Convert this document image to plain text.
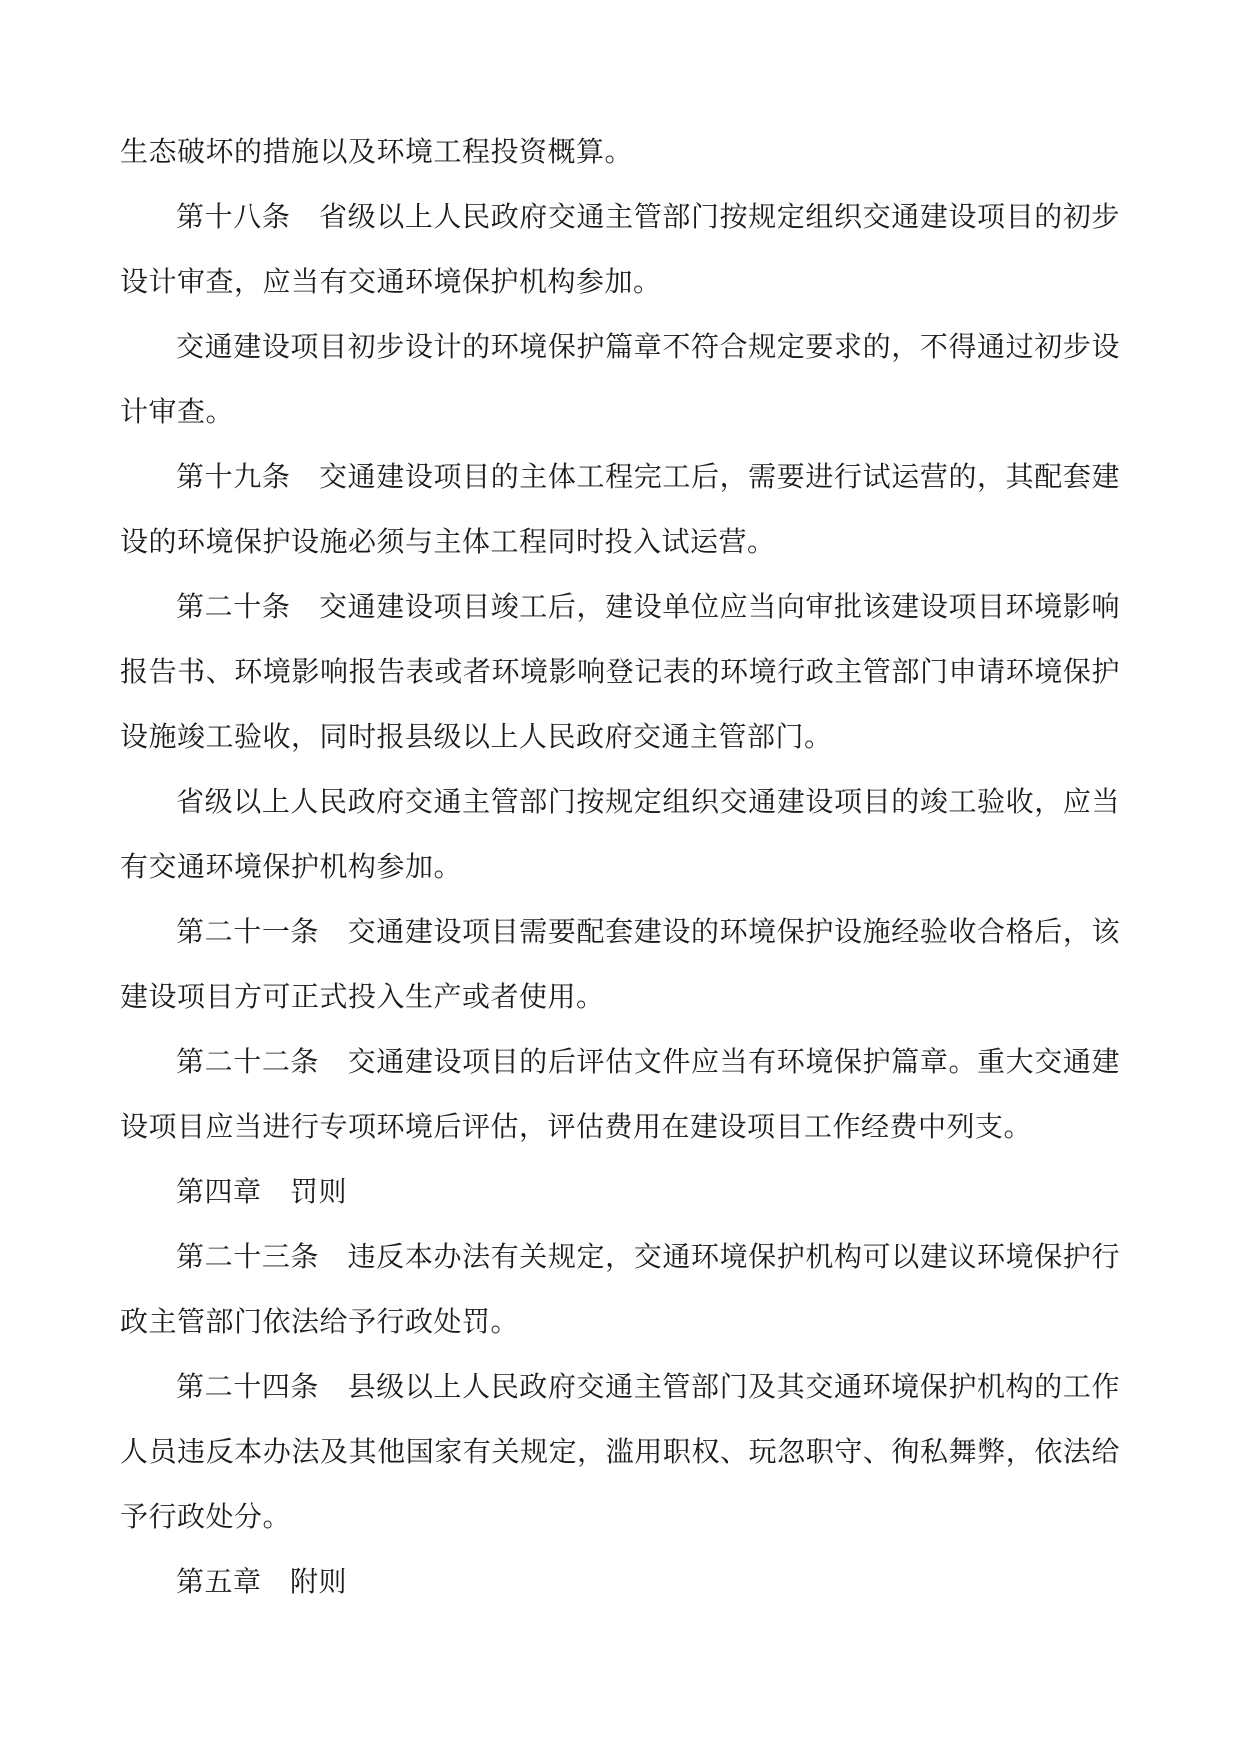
生态破坏的措施以及环境工程投资概算。

第十八条　省级以上人民政府交通主管部门按规定组织交通建设项目的初步设计审查，应当有交通环境保护机构参加。

交通建设项目初步设计的环境保护篇章不符合规定要求的，不得通过初步设计审查。

第十九条　交通建设项目的主体工程完工后，需要进行试运营的，其配套建设的环境保护设施必须与主体工程同时投入试运营。

第二十条　交通建设项目竣工后，建设单位应当向审批该建设项目环境影响报告书、环境影响报告表或者环境影响登记表的环境行政主管部门申请环境保护设施竣工验收，同时报县级以上人民政府交通主管部门。

省级以上人民政府交通主管部门按规定组织交通建设项目的竣工验收，应当有交通环境保护机构参加。

第二十一条　交通建设项目需要配套建设的环境保护设施经验收合格后，该建设项目方可正式投入生产或者使用。

第二十二条　交通建设项目的后评估文件应当有环境保护篇章。重大交通建设项目应当进行专项环境后评估，评估费用在建设项目工作经费中列支。

第四章　罚则

第二十三条　违反本办法有关规定，交通环境保护机构可以建议环境保护行政主管部门依法给予行政处罚。

第二十四条　县级以上人民政府交通主管部门及其交通环境保护机构的工作人员违反本办法及其他国家有关规定，滥用职权、玩忽职守、徇私舞弊，依法给予行政处分。

第五章　附则
